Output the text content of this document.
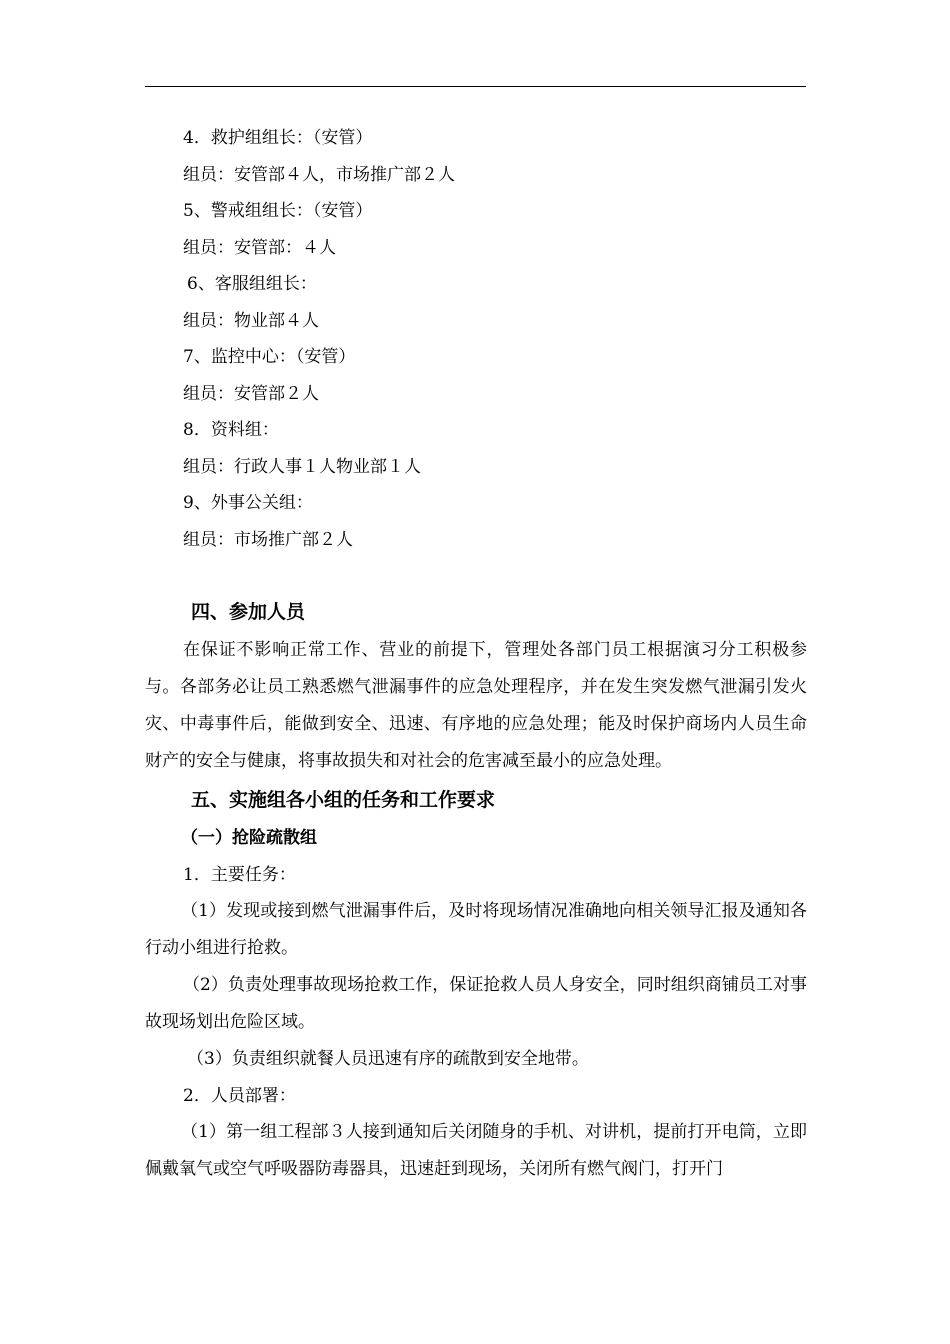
4．救护组组长：（安管）
组员：安管部４人，市场推广部２人
5、警戒组组长：（安管）
组员：安管部：４人
6、客服组组长：
组员：物业部４人
7、监控中心：（安管）
组员：安管部２人
8．资料组：
组员：行政人事１人物业部１人
9、外事公关组：
组员：市场推广部２人
四、参加人员

在保证不影响正常工作、营业的前提下，管理处各部门员工根据演习分工积极参与。各部务必让员工熟悉燃气泄漏事件的应急处理程序，并在发生突发燃气泄漏引发火灾、中毒事件后，能做到安全、迅速、有序地的应急处理；能及时保护商场内人员生命财产的安全与健康，将事故损失和对社会的危害减至最小的应急处理。

五、实施组各小组的任务和工作要求
（一）抢险疏散组
1．主要任务：

（1）发现或接到燃气泄漏事件后，及时将现场情况准确地向相关领导汇报及通知各行动小组进行抢救。

（2）负责处理事故现场抢救工作，保证抢救人员人身安全，同时组织商铺员工对事故现场划出危险区域。

（3）负责组织就餐人员迅速有序的疏散到安全地带。
2．人员部署：

（1）第一组工程部３人接到通知后关闭随身的手机、对讲机，提前打开电筒，立即佩戴氧气或空气呼吸器防毒器具，迅速赶到现场，关闭所有燃气阀门，打开门
